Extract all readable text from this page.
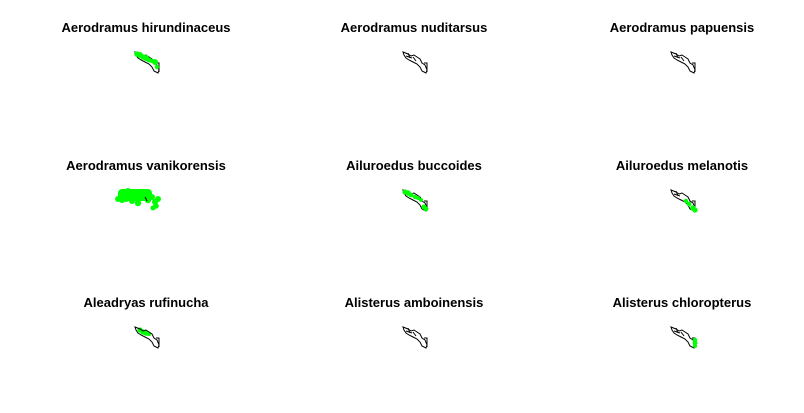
Aerodramus hirundinaceus	Aerodramus nuditarsus	Aerodramus papuensis
Aerodramus vanikorensis	Ailuroedus buccoides	Ailuroedus melanotis
Aleadryas rufinucha	Alisterus amboinensis	Alisterus chloropterus
